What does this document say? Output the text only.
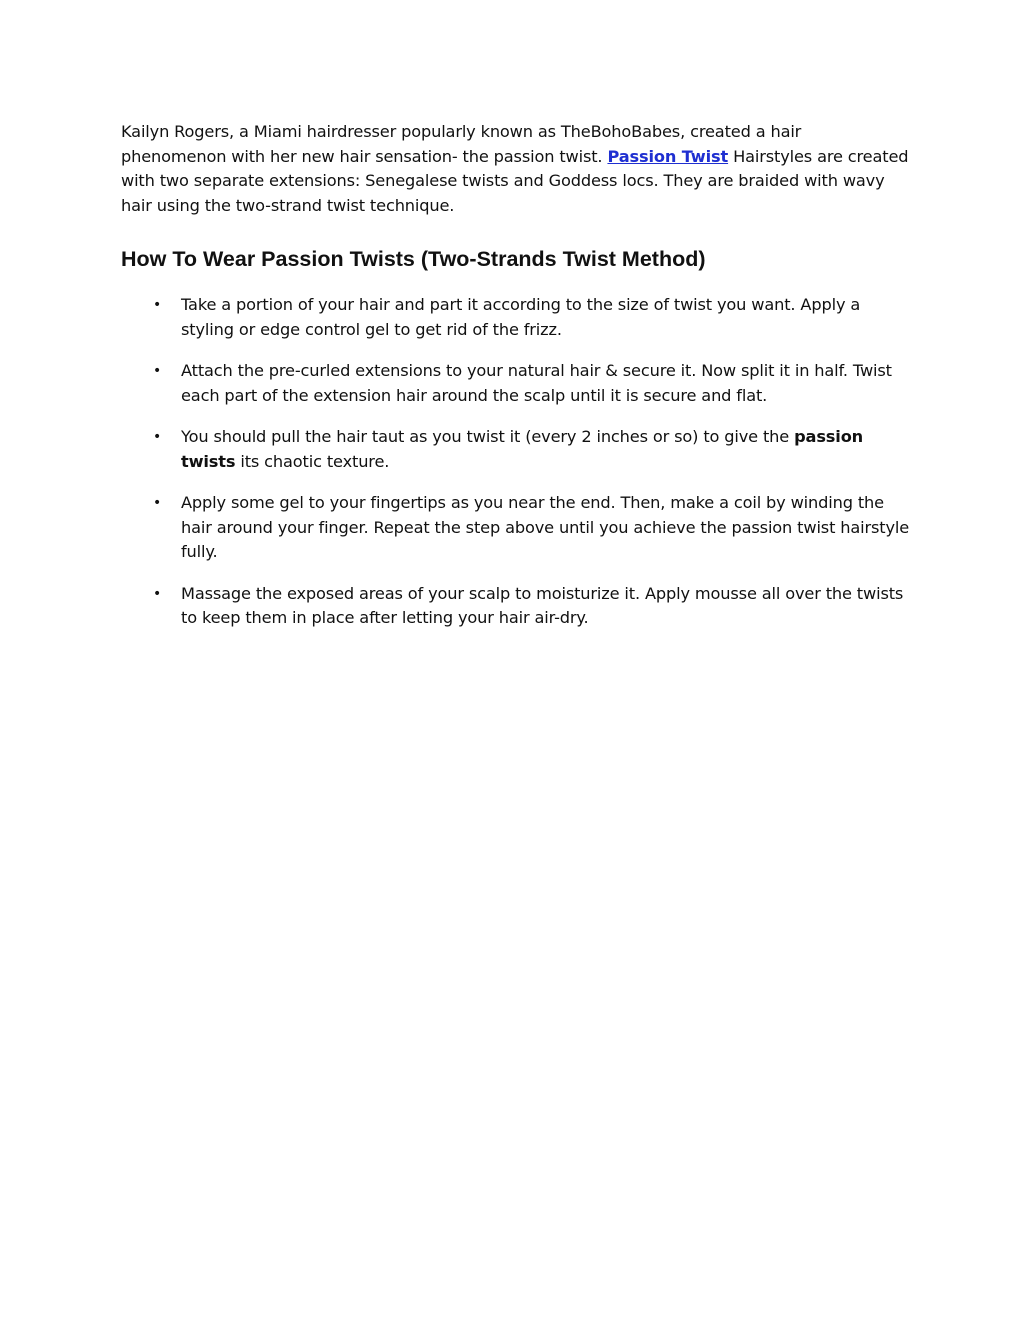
Kailyn Rogers, a Miami hairdresser popularly known as TheBohoBabes, created a hair phenomenon with her new hair sensation- the passion twist. Passion Twist Hairstyles are created with two separate extensions: Senegalese twists and Goddess locs. They are braided with wavy hair using the two-strand twist technique.

How To Wear Passion Twists (Two-Strands Twist Method)
• Take a portion of your hair and part it according to the size of twist you want. Apply a styling or edge control gel to get rid of the frizz.
• Attach the pre-curled extensions to your natural hair & secure it. Now split it in half. Twist each part of the extension hair around the scalp until it is secure and flat.
• You should pull the hair taut as you twist it (every 2 inches or so) to give the passion twists its chaotic texture.
• Apply some gel to your fingertips as you near the end. Then, make a coil by winding the hair around your finger. Repeat the step above until you achieve the passion twist hairstyle fully.
• Massage the exposed areas of your scalp to moisturize it. Apply mousse all over the twists to keep them in place after letting your hair air-dry.
